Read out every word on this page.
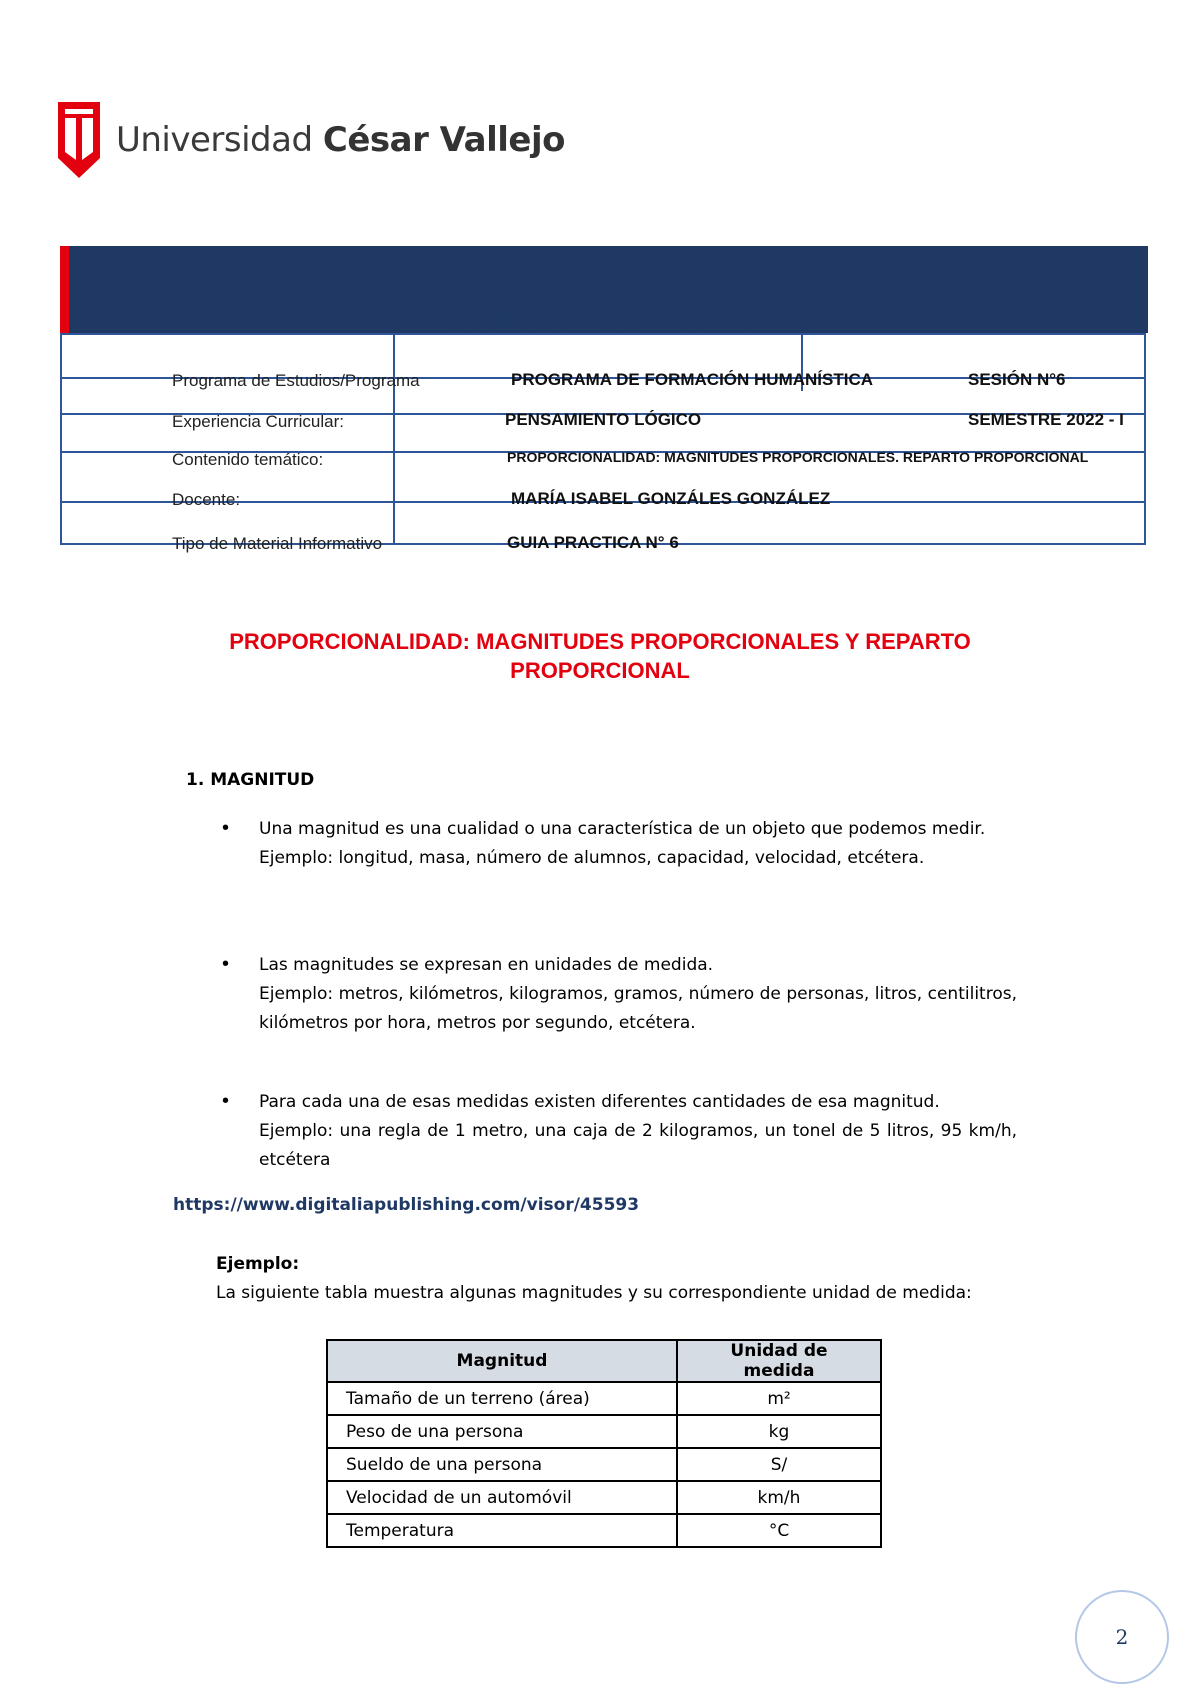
Universidad César Vallejo
MATERIAL INFORMATIVO
Programa de Estudios/Programa	PROGRAMA DE FORMACIÓN HUMANÍSTICA	SESIÓN N°6
Experiencia Curricular:	PENSAMIENTO LÓGICO	SEMESTRE 2022 - I
Contenido temático:	PROPORCIONALIDAD: MAGNITUDES PROPORCIONALES. REPARTO PROPORCIONAL
Docente:	MARÍA ISABEL GONZÁLES GONZÁLEZ
Tipo de Material Informativo	GUIA PRACTICA N° 6
PROPORCIONALIDAD: MAGNITUDES PROPORCIONALES Y REPARTO PROPORCIONAL
1. MAGNITUD
• Una magnitud es una cualidad o una característica de un objeto que podemos medir.

Ejemplo: longitud, masa, número de alumnos, capacidad, velocidad, etcétera.

• Las magnitudes se expresan en unidades de medida.

Ejemplo: metros, kilómetros, kilogramos, gramos, número de personas, litros, centilitros, kilómetros por hora, metros por segundo, etcétera.

• Para cada una de esas medidas existen diferentes cantidades de esa magnitud.

Ejemplo: una regla de 1 metro, una caja de 2 kilogramos, un tonel de 5 litros, 95 km/h, etcétera

https://www.digitaliapublishing.com/visor/45593
Ejemplo:
La siguiente tabla muestra algunas magnitudes y su correspondiente unidad de medida:
Magnitud	Unidad de medida
Tamaño de un terreno (área)	m²
Peso de una persona	kg
Sueldo de una persona	S/
Velocidad de un automóvil	km/h
Temperatura	°C
2
